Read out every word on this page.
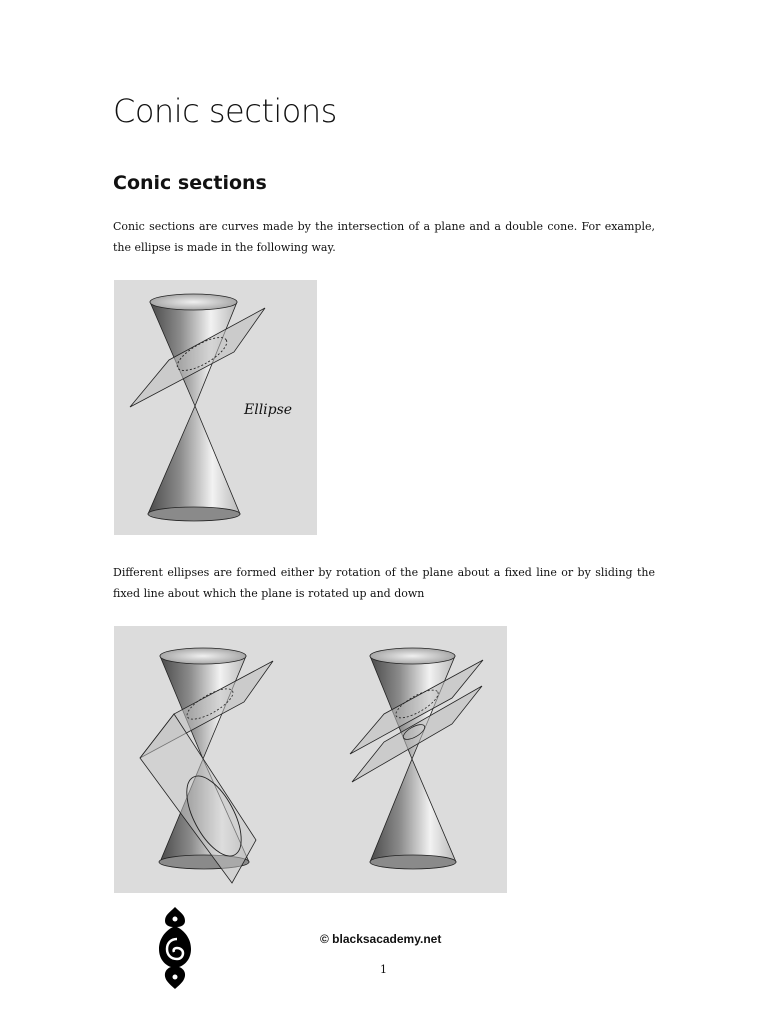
Conic sections
Conic sections

Conic sections are curves made by the intersection of a plane and a double cone. For example, the ellipse is made in the following way.

Ellipse

Different ellipses are formed either by rotation of the plane about a fixed line or by sliding the fixed line about which the plane is rotated up and down

© blacksacademy.net
1
